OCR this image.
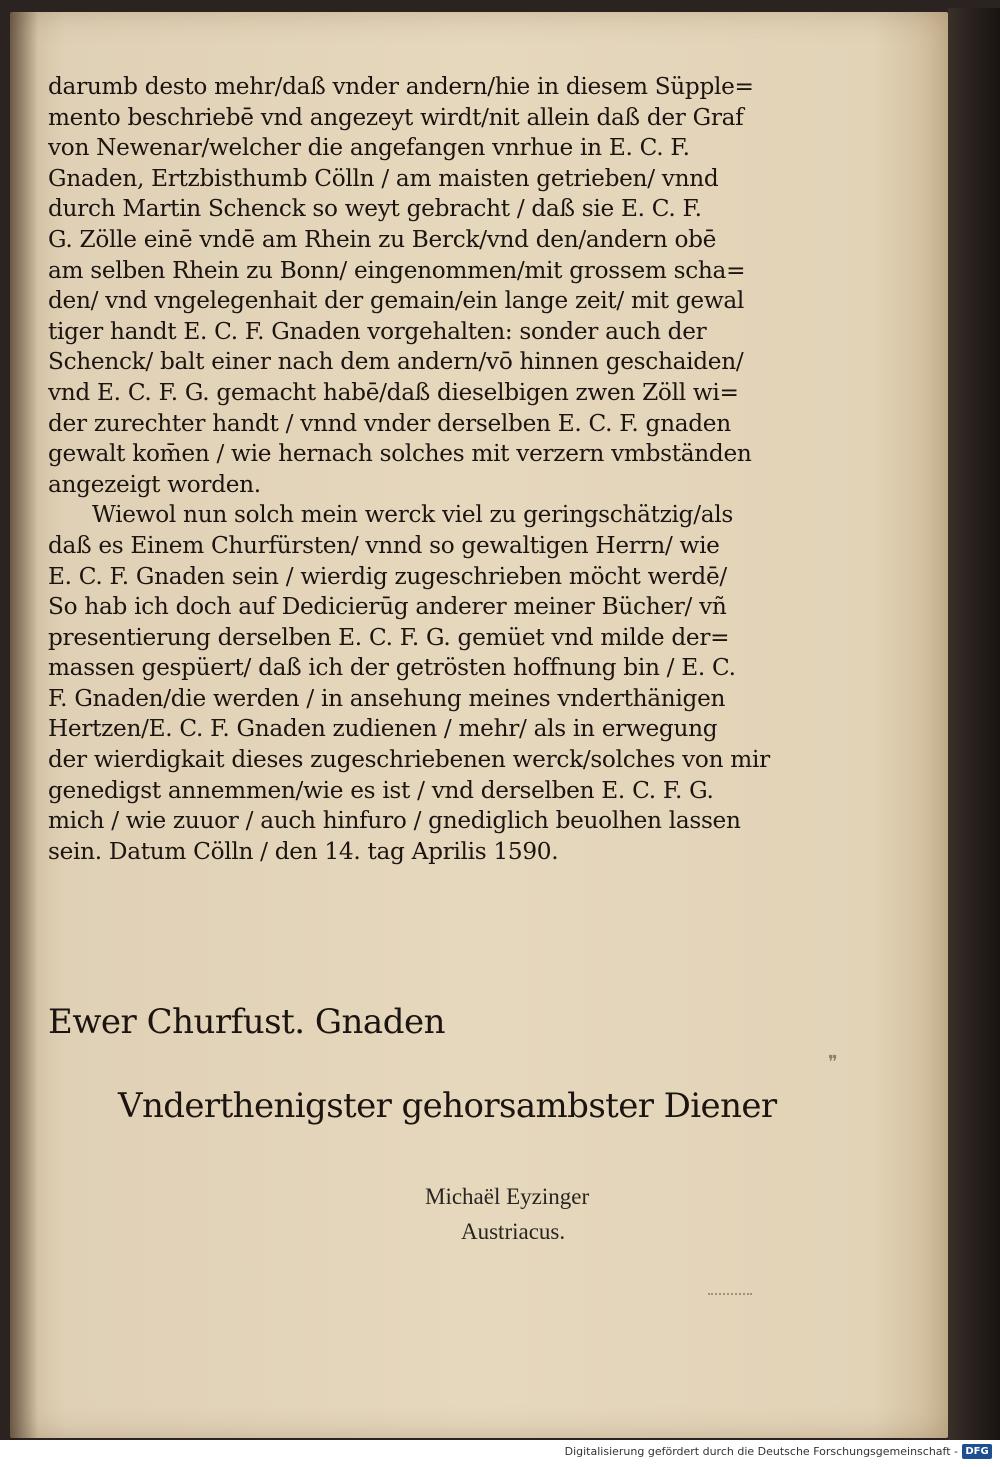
darumb desto mehr/daß vnder andern/hie in diesem Süpple=
mento beschriebē vnd angezeyt wirdt/nit allein daß der Graf
von Newenar/welcher die angefangen vnrhue in E. C. F.
Gnaden, Ertzbisthumb Cölln / am maisten getrieben/ vnnd
durch Martin Schenck so weyt gebracht / daß sie E. C. F.
G. Zölle einē vndē am Rhein zu Berck/vnd den/andern obē
am selben Rhein zu Bonn/ eingenommen/mit grossem scha=
den/ vnd vngelegenhait der gemain/ein lange zeit/ mit gewal
tiger handt E. C. F. Gnaden vorgehalten: sonder auch der
Schenck/ balt einer nach dem andern/vō hinnen geschaiden/
vnd E. C. F. G. gemacht habē/daß dieselbigen zwen Zöll wi=
der zurechter handt / vnnd vnder derselben E. C. F. gnaden
gewalt kom̄en / wie hernach solches mit verzern vmbständen
angezeigt worden.
Wiewol nun solch mein werck viel zu geringschätzig/als
daß es Einem Churfürsten/ vnnd so gewaltigen Herrn/ wie
E. C. F. Gnaden sein / wierdig zugeschrieben möcht werdē/
So hab ich doch auf Dedicierūg anderer meiner Bücher/ vñ
presentierung derselben E. C. F. G. gemüet vnd milde der=
massen gespüert/ daß ich der getrösten hoffnung bin / E. C.
F. Gnaden/die werden / in ansehung meines vnderthänigen
Hertzen/E. C. F. Gnaden zudienen / mehr/ als in erwegung
der wierdigkait dieses zugeschriebenen werck/solches von mir
genedigst annemmen/wie es ist / vnd derselben E. C. F. G.
mich / wie zuuor / auch hinfuro / gnediglich beuolhen lassen
sein. Datum Cölln / den 14. tag Aprilis 1590.
Ewer Churfust. Gnaden
❞
Vnderthenigster gehorsambster Diener
Michaël Eyzinger
Austriacus.
Digitalisierung gefördert durch die Deutsche Forschungsgemeinschaft - DFG
